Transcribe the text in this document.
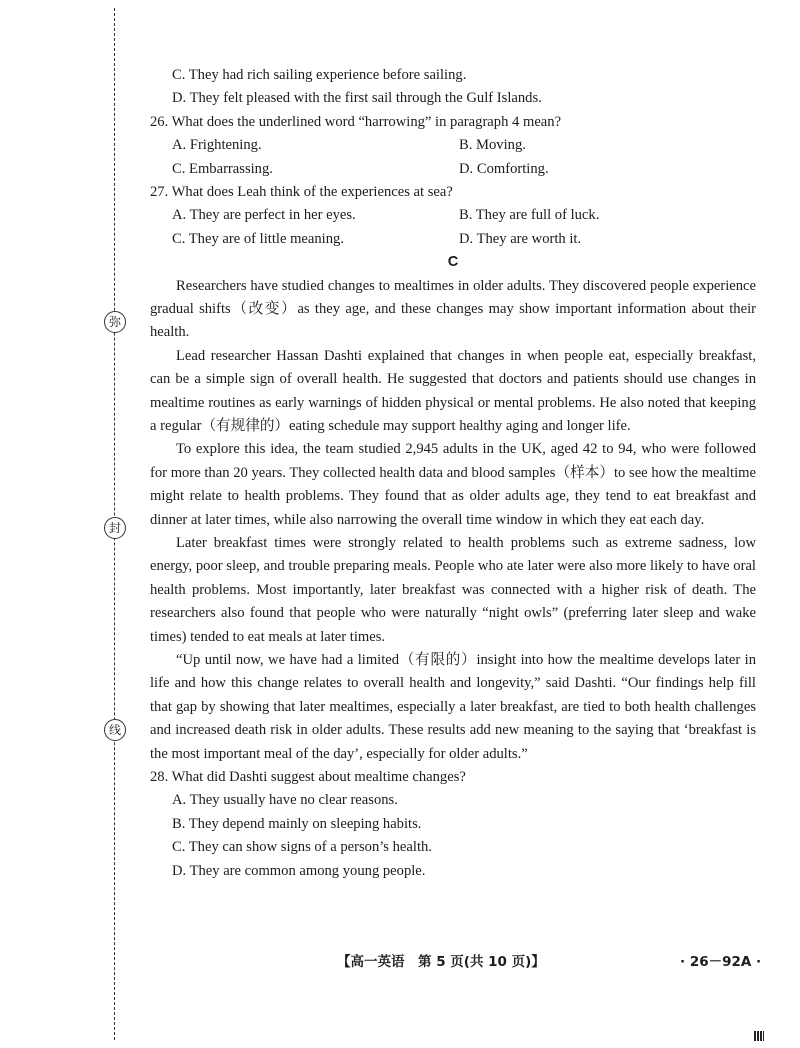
弥
封
线
C. They had rich sailing experience before sailing.
D. They felt pleased with the first sail through the Gulf Islands.
26. What does the underlined word “harrowing” in paragraph 4 mean?
A. Frightening.	B. Moving.
C. Embarrassing.	D. Comforting.
27. What does Leah think of the experiences at sea?
A. They are perfect in her eyes.	B. They are full of luck.
C. They are of little meaning.	D. They are worth it.
C

Researchers have studied changes to mealtimes in older adults. They discovered people experience gradual shifts（改变）as they age, and these changes may show important information about their health.

Lead researcher Hassan Dashti explained that changes in when people eat, especially breakfast, can be a simple sign of overall health. He suggested that doctors and patients should use changes in mealtime routines as early warnings of hidden physical or mental problems. He also noted that keeping a regular（有规律的）eating schedule may support healthy aging and longer life.

To explore this idea, the team studied 2,945 adults in the UK, aged 42 to 94, who were followed for more than 20 years. They collected health data and blood samples（样本）to see how the mealtime might relate to health problems. They found that as older adults age, they tend to eat breakfast and dinner at later times, while also narrowing the overall time window in which they eat each day.

Later breakfast times were strongly related to health problems such as extreme sadness, low energy, poor sleep, and trouble preparing meals. People who ate later were also more likely to have oral health problems. Most importantly, later breakfast was connected with a higher risk of death. The researchers also found that people who were naturally “night owls” (preferring later sleep and wake times) tended to eat meals at later times.

“Up until now, we have had a limited（有限的）insight into how the mealtime develops later in life and how this change relates to overall health and longevity,” said Dashti. “Our findings help fill that gap by showing that later mealtimes, especially a later breakfast, are tied to both health challenges and increased death risk in older adults. These results add new meaning to the saying that ‘breakfast is the most important meal of the day’, especially for older adults.”

28. What did Dashti suggest about mealtime changes?
A. They usually have no clear reasons.
B. They depend mainly on sleeping habits.
C. They can show signs of a person’s health.
D. They are common among young people.
【高一英语　第 5 页(共 10 页)】	· 26－92A ·
